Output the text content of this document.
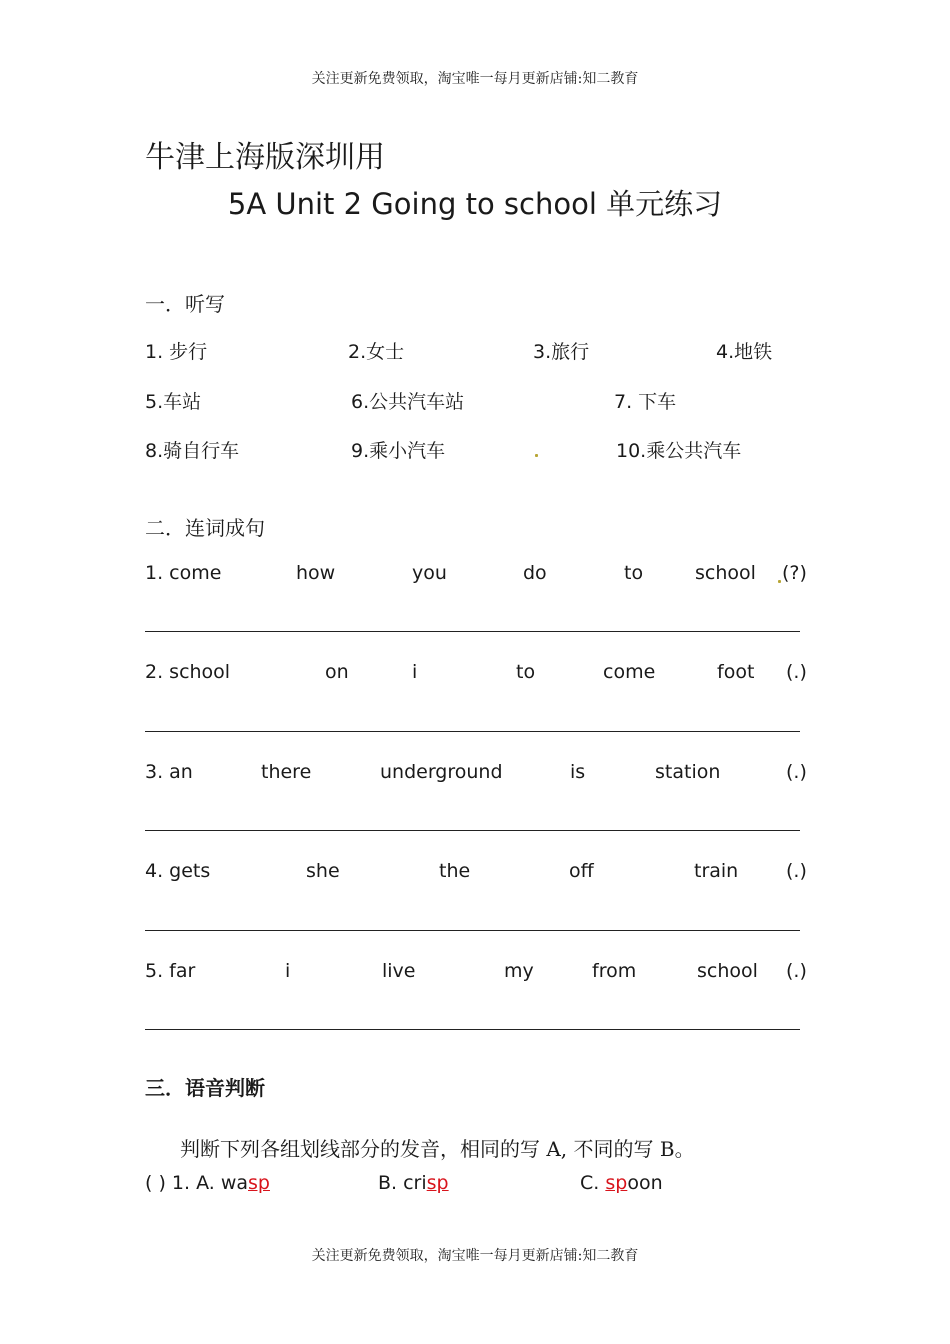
关注更新免费领取，淘宝唯一每月更新店铺:知二教育
牛津上海版深圳用
5A Unit 2 Going to school 单元练习
一．听写
1. 步行	2.女士	3.旅行	4.地铁
5.车站	6.公共汽车站	7. 下车
8.骑自行车	9.乘小汽车	10.乘公共汽车
二．连词成句
1. come	how	you	do	to	school (?)
2. school	on	i	to	come	foot (.)
3. an	there	underground	is	station	(.)
4. gets	she	the	off	train	(.)
5. far	i	live	my	from	school (.)
三．语音判断
判断下列各组划线部分的发音，相同的写 A, 不同的写 B。
( ) 1. A. wasp	B. crisp	C. spoon
关注更新免费领取，淘宝唯一每月更新店铺:知二教育
